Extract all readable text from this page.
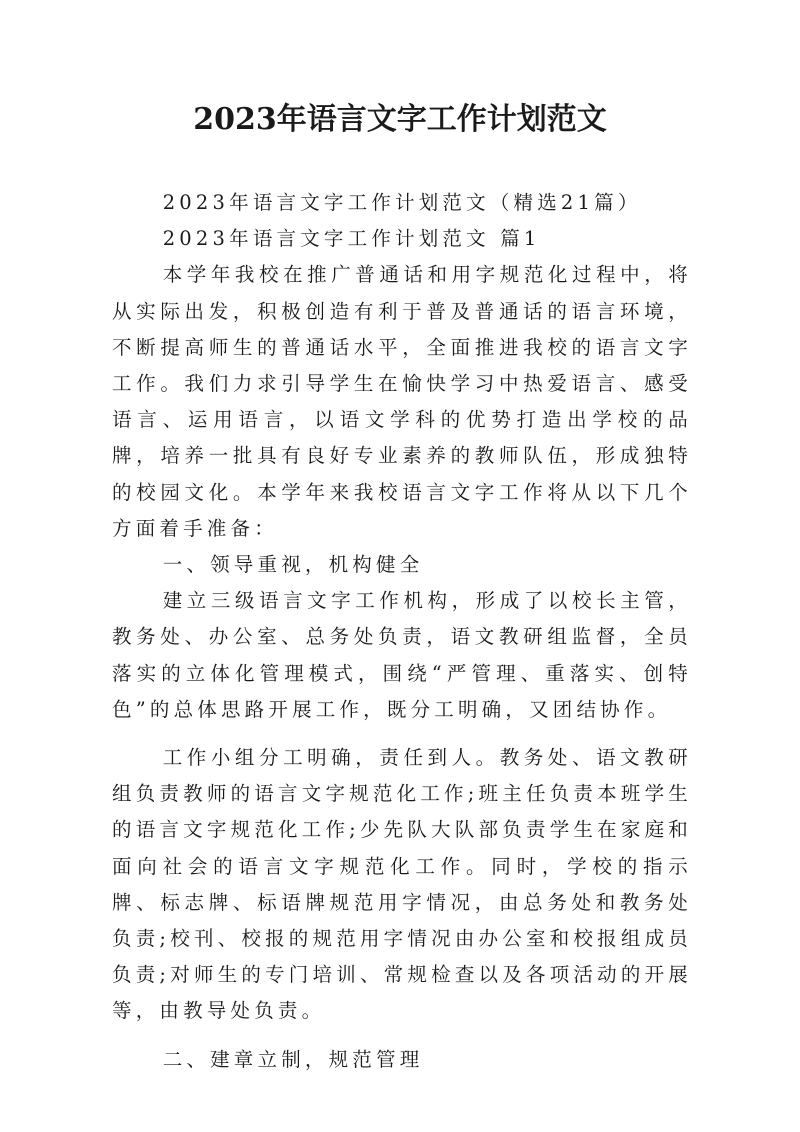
2023年语言文字工作计划范文

2023年语言文字工作计划范文（精选21篇）

2023年语言文字工作计划范文 篇1

本学年我校在推广普通话和用字规范化过程中，将从实际出发，积极创造有利于普及普通话的语言环境，不断提高师生的普通话水平，全面推进我校的语言文字工作。我们力求引导学生在愉快学习中热爱语言、感受语言、运用语言，以语文学科的优势打造出学校的品牌，培养一批具有良好专业素养的教师队伍，形成独特的校园文化。本学年来我校语言文字工作将从以下几个方面着手准备：

一、领导重视，机构健全

建立三级语言文字工作机构，形成了以校长主管，教务处、办公室、总务处负责，语文教研组监督，全员落实的立体化管理模式，围绕“严管理、重落实、创特色”的总体思路开展工作，既分工明确，又团结协作。

工作小组分工明确，责任到人。教务处、语文教研组负责教师的语言文字规范化工作;班主任负责本班学生的语言文字规范化工作;少先队大队部负责学生在家庭和面向社会的语言文字规范化工作。同时，学校的指示牌、标志牌、标语牌规范用字情况，由总务处和教务处负责;校刊、校报的规范用字情况由办公室和校报组成员负责;对师生的专门培训、常规检查以及各项活动的开展等，由教导处负责。

二、建章立制，规范管理
